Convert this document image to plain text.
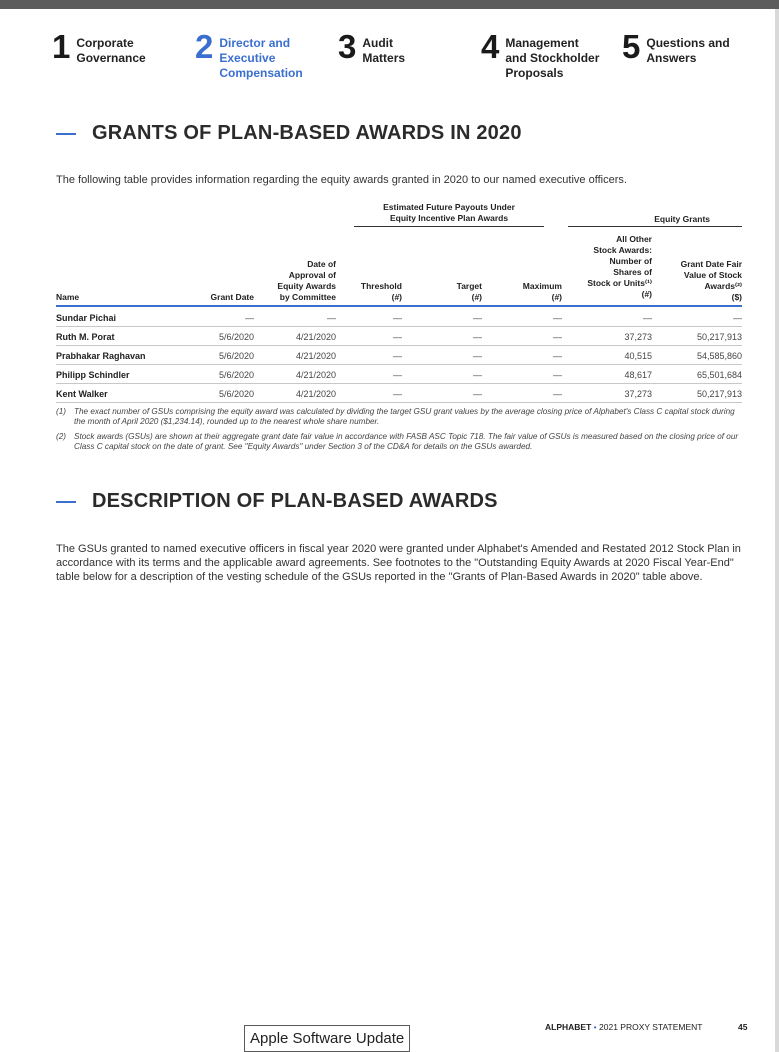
1 Corporate
Governance 2 Director and
Executive
Compensation
3 Audit
Matters 4 Management
and Stockholder
Proposals
5 Questions and
Answers
GRANTS OF PLAN-BASED AWARDS IN 2020
The following table provides information regarding the equity awards granted in 2020 to our named executive officers.
Estimated Future Payouts Under
Equity Incentive Plan Awards	Equity Grants
Name	Grant Date
Date of
Approval of
Equity Awards
by Committee
Threshold
(#)
Target
(#)
Maximum
(#)
All Other
Stock Awards:
Number of
Shares of
Stock or Units⁽¹⁾
(#)
Grant Date Fair
Value of Stock
Awards⁽²⁾
($)
Sundar Pichai	—	—	—	—	—	—	—
Ruth M. Porat	5/6/2020	4/21/2020	—	—	—	37,273	50,217,913
Prabhakar Raghavan	5/6/2020	4/21/2020	—	—	—	40,515	54,585,860
Philipp Schindler	5/6/2020	4/21/2020	—	—	—	48,617	65,501,684
Kent Walker	5/6/2020	4/21/2020	—	—	—	37,273	50,217,913
(1) The exact number of GSUs comprising the equity award was calculated by dividing the target GSU grant values by the average closing price of Alphabet's Class C capital stock during the month of April 2020 ($1,234.14), rounded up to the nearest whole share number.
(2) Stock awards (GSUs) are shown at their aggregate grant date fair value in accordance with FASB ASC Topic 718. The fair value of GSUs is measured based on the closing price of our Class C capital stock on the date of grant. See "Equity Awards" under Section 3 of the CD&A for details on the GSUs awarded.
DESCRIPTION OF PLAN-BASED AWARDS
The GSUs granted to named executive officers in fiscal year 2020 were granted under Alphabet's Amended and Restated 2012 Stock Plan in accordance with its terms and the applicable award agreements. See footnotes to the "Outstanding Equity Awards at 2020 Fiscal Year-End" table below for a description of the vesting schedule of the GSUs reported in the "Grants of Plan-Based Awards in 2020" table above.
ALPHABET • 2021 PROXY STATEMENT	45
Apple Software Update
